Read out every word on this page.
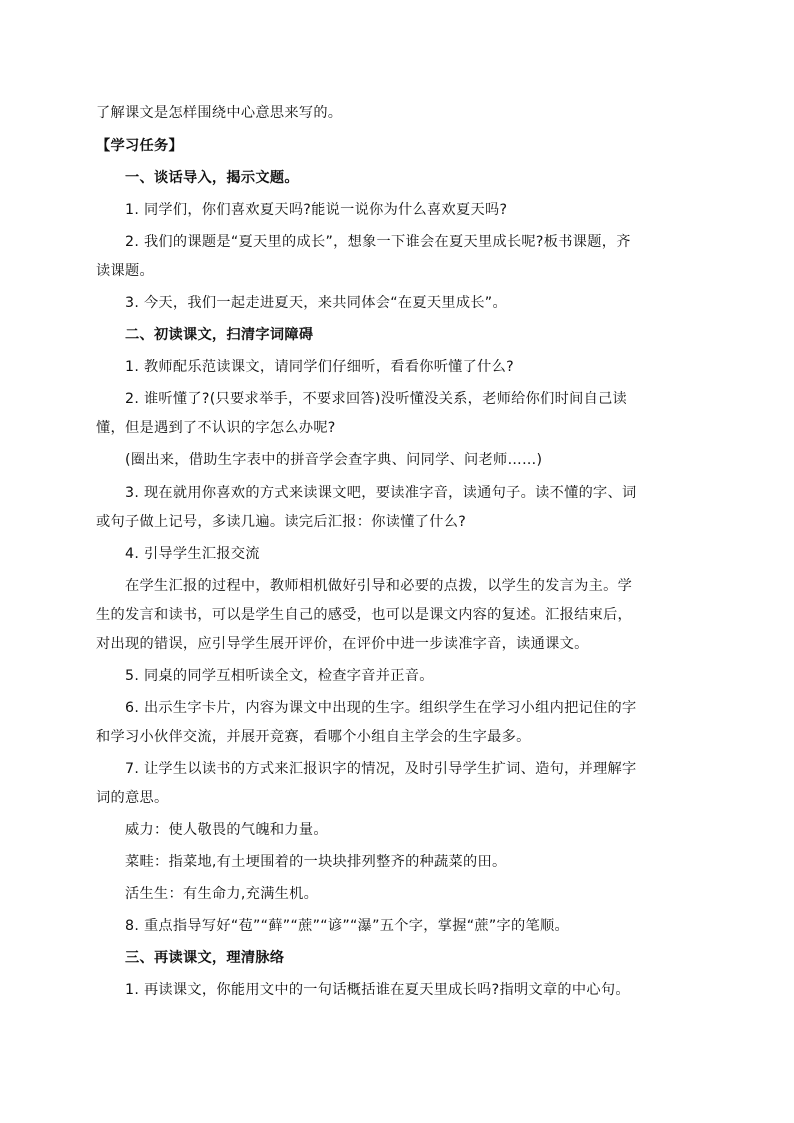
了解课文是怎样围绕中心意思来写的。
【学习任务】
一、谈话导入，揭示文题。
1. 同学们，你们喜欢夏天吗?能说一说你为什么喜欢夏天吗?
2. 我们的课题是“夏天里的成长”，想象一下谁会在夏天里成长呢?板书课题，齐
读课题。
3. 今天，我们一起走进夏天，来共同体会“在夏天里成长”。
二、初读课文，扫清字词障碍
1. 教师配乐范读课文，请同学们仔细听，看看你听懂了什么?
2. 谁听懂了?(只要求举手，不要求回答)没听懂没关系，老师给你们时间自己读
懂，但是遇到了不认识的字怎么办呢?
(圈出来，借助生字表中的拼音学会查字典、问同学、问老师……)
3. 现在就用你喜欢的方式来读课文吧，要读准字音，读通句子。读不懂的字、词
或句子做上记号，多读几遍。读完后汇报：你读懂了什么?
4. 引导学生汇报交流
在学生汇报的过程中，教师相机做好引导和必要的点拨，以学生的发言为主。学
生的发言和读书，可以是学生自己的感受，也可以是课文内容的复述。汇报结束后，
对出现的错误，应引导学生展开评价，在评价中进一步读准字音，读通课文。
5. 同桌的同学互相听读全文，检查字音并正音。
6. 出示生字卡片，内容为课文中出现的生字。组织学生在学习小组内把记住的字
和学习小伙伴交流，并展开竞赛，看哪个小组自主学会的生字最多。
7. 让学生以读书的方式来汇报识字的情况，及时引导学生扩词、造句，并理解字
词的意思。
威力：使人敬畏的气魄和力量。
菜畦：指菜地,有土埂围着的一块块排列整齐的种蔬菜的田。
活生生：有生命力,充满生机。
8. 重点指导写好“苞”“藓”“蔗”“谚”“瀑”五个字，掌握“蔗”字的笔顺。
三、再读课文，理清脉络
1. 再读课文，你能用文中的一句话概括谁在夏天里成长吗?指明文章的中心句。
